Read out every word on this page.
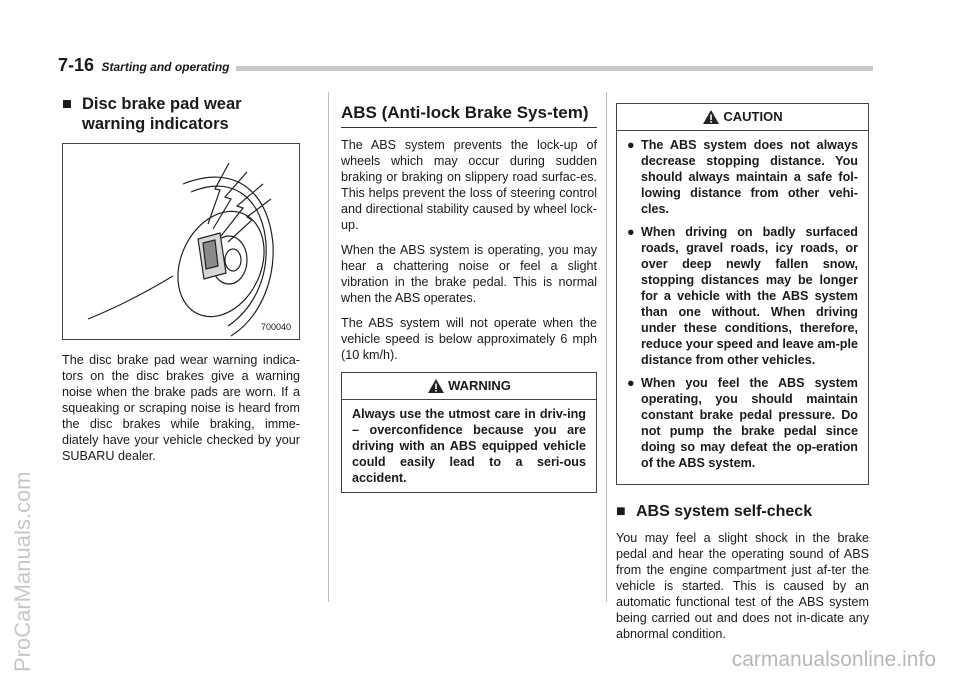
7-16 Starting and operating
■ Disc brake pad wear warning indicators
700040

The disc brake pad wear warning indica-tors on the disc brakes give a warning noise when the brake pads are worn. If a squeaking or scraping noise is heard from the disc brakes while braking, imme-diately have your vehicle checked by your SUBARU dealer.

ABS (Anti-lock Brake Sys-tem)

The ABS system prevents the lock-up of wheels which may occur during sudden braking or braking on slippery road surfac-es. This helps prevent the loss of steering control and directional stability caused by wheel lock-up.

When the ABS system is operating, you may hear a chattering noise or feel a slight vibration in the brake pedal. This is normal when the ABS operates.

The ABS system will not operate when the vehicle speed is below approximately 6 mph (10 km/h).

WARNING
Always use the utmost care in driv-ing – overconfidence because you are driving with an ABS equipped vehicle could easily lead to a seri-ous accident.
CAUTION
● The ABS system does not always decrease stopping distance. You should always maintain a safe fol-lowing distance from other vehi-cles.
● When driving on badly surfaced roads, gravel roads, icy roads, or over deep newly fallen snow, stopping distances may be longer for a vehicle with the ABS system than one without. When driving under these conditions, therefore, reduce your speed and leave am-ple distance from other vehicles.
● When you feel the ABS system operating, you should maintain constant brake pedal pressure. Do not pump the brake pedal since doing so may defeat the op-eration of the ABS system.
■ ABS system self-check

You may feel a slight shock in the brake pedal and hear the operating sound of ABS from the engine compartment just af-ter the vehicle is started. This is caused by an automatic functional test of the ABS system being carried out and does not in-dicate any abnormal condition.

ProCarManuals.com	carmanualsonline.info
